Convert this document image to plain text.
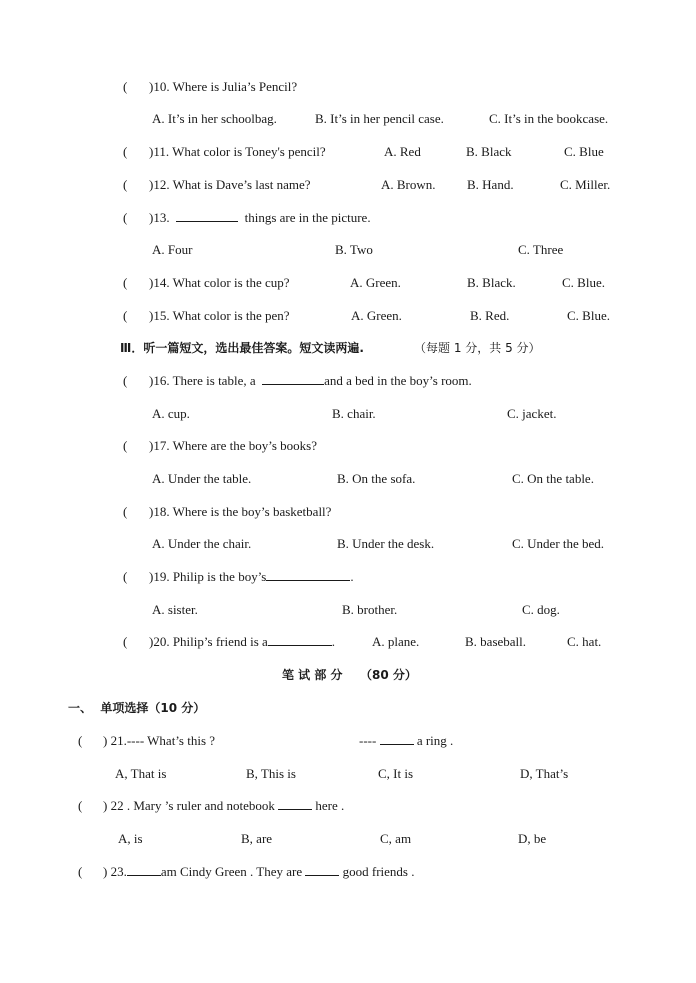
( )10. Where is Julia’s Pencil?
A. It’s in her schoolbag.	B. It’s in her pencil case.	C. It’s in the bookcase.
( )11. What color is Toney's pencil?	A. Red	B. Black	C. Blue
( )12. What is Dave’s last name?	A. Brown. B. Hand.	C. Miller.
( )13.	things are in the picture.
A. Four	B. Two	C. Three
( )14. What color is the cup?	A. Green.	B. Black.	C. Blue.
( )15. What color is the pen?	A. Green.	B. Red.	C. Blue.
Ⅲ．听一篇短文，选出最佳答案。短文读两遍.	（每题 1 分，共 5 分）
( )16. There is table, a	and a bed in the boy’s room.
A. cup.	B. chair.	C. jacket.
( )17. Where are the boy’s books?
A. Under the table.	B. On the sofa.	C. On the table.
( )18. Where is the boy’s basketball?
A. Under the chair.	B. Under the desk.	C. Under the bed.
( )19. Philip is the boy’s	.
A. sister.	B. brother.	C. dog.
( )20. Philip’s friend is a	.	A. plane.	B. baseball.	C. hat.
笔 试 部 分 （80 分）
一、  单项选择（10 分）
( ) 21.---- What’s this ?	----	a ring .
A, That is	B, This is	C, It is	D, That’s
( ) 22 . Mary ’s ruler and notebook	here .
A, is	B, are	C, am	D, be
( ) 23.	am Cindy Green . They are	good friends .
